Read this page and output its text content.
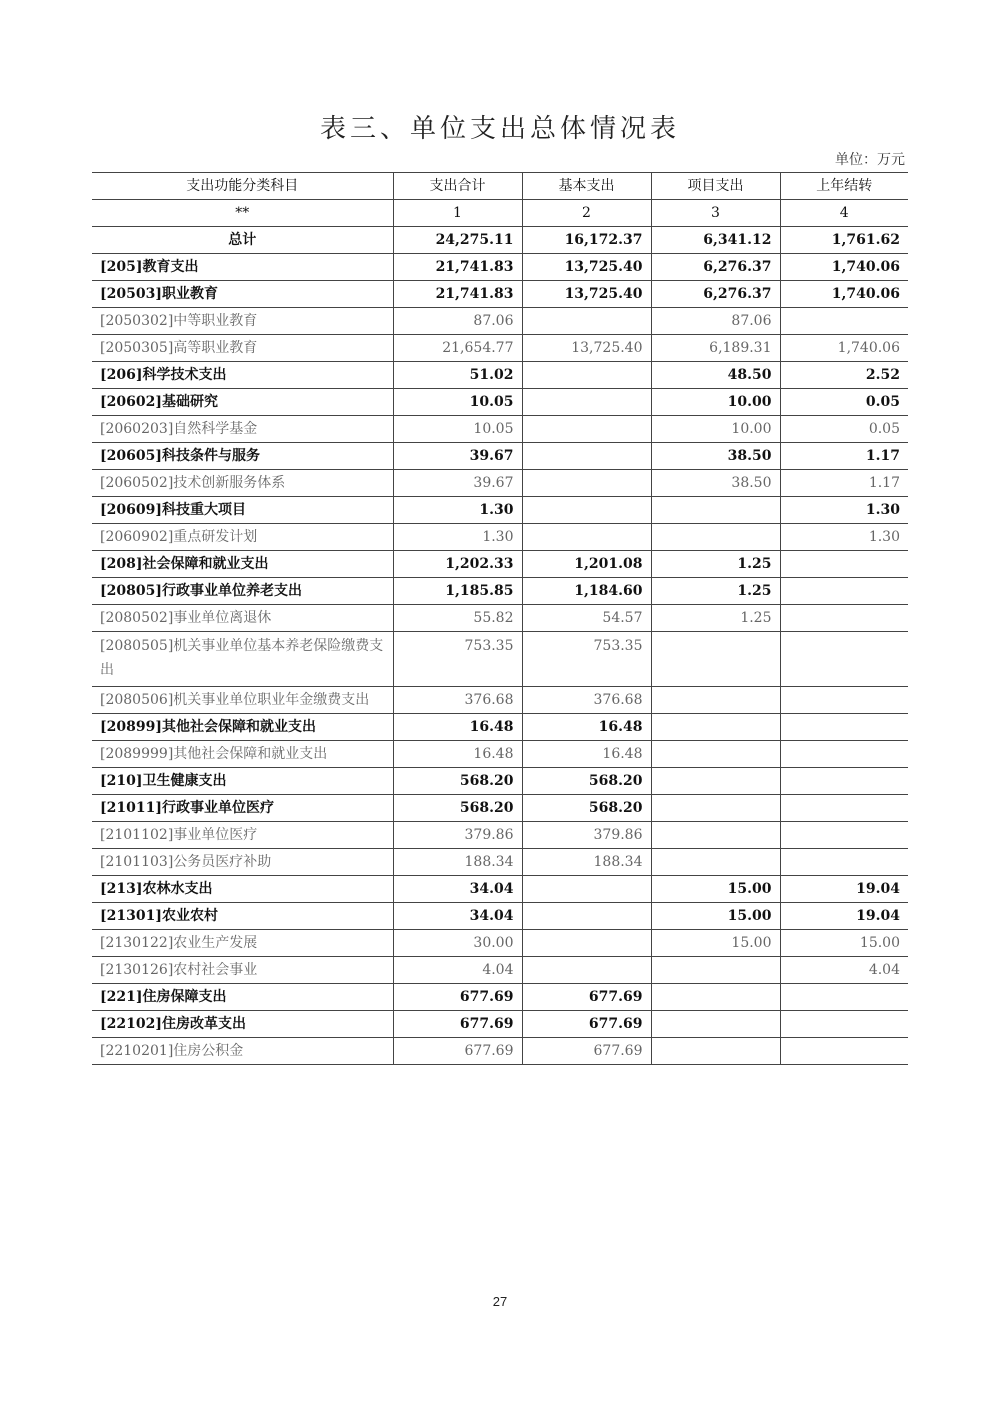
表三、单位支出总体情况表
单位：万元
支出功能分类科目	支出合计	基本支出	项目支出	上年结转
**	1	2	3	4
总计	24,275.11	16,172.37	6,341.12	1,761.62
[205]教育支出	21,741.83	13,725.40	6,276.37	1,740.06
[20503]职业教育	21,741.83	13,725.40	6,276.37	1,740.06
[2050302]中等职业教育	87.06		87.06	
[2050305]高等职业教育	21,654.77	13,725.40	6,189.31	1,740.06
[206]科学技术支出	51.02		48.50	2.52
[20602]基础研究	10.05		10.00	0.05
[2060203]自然科学基金	10.05		10.00	0.05
[20605]科技条件与服务	39.67		38.50	1.17
[2060502]技术创新服务体系	39.67		38.50	1.17
[20609]科技重大项目	1.30			1.30
[2060902]重点研发计划	1.30			1.30
[208]社会保障和就业支出	1,202.33	1,201.08	1.25	
[20805]行政事业单位养老支出	1,185.85	1,184.60	1.25	
[2080502]事业单位离退休	55.82	54.57	1.25	
[2080505]机关事业单位基本养老保险缴费支出	753.35	753.35		
[2080506]机关事业单位职业年金缴费支出	376.68	376.68		
[20899]其他社会保障和就业支出	16.48	16.48		
[2089999]其他社会保障和就业支出	16.48	16.48		
[210]卫生健康支出	568.20	568.20		
[21011]行政事业单位医疗	568.20	568.20		
[2101102]事业单位医疗	379.86	379.86		
[2101103]公务员医疗补助	188.34	188.34		
[213]农林水支出	34.04		15.00	19.04
[21301]农业农村	34.04		15.00	19.04
[2130122]农业生产发展	30.00		15.00	15.00
[2130126]农村社会事业	4.04			4.04
[221]住房保障支出	677.69	677.69		
[22102]住房改革支出	677.69	677.69		
[2210201]住房公积金	677.69	677.69		
27
